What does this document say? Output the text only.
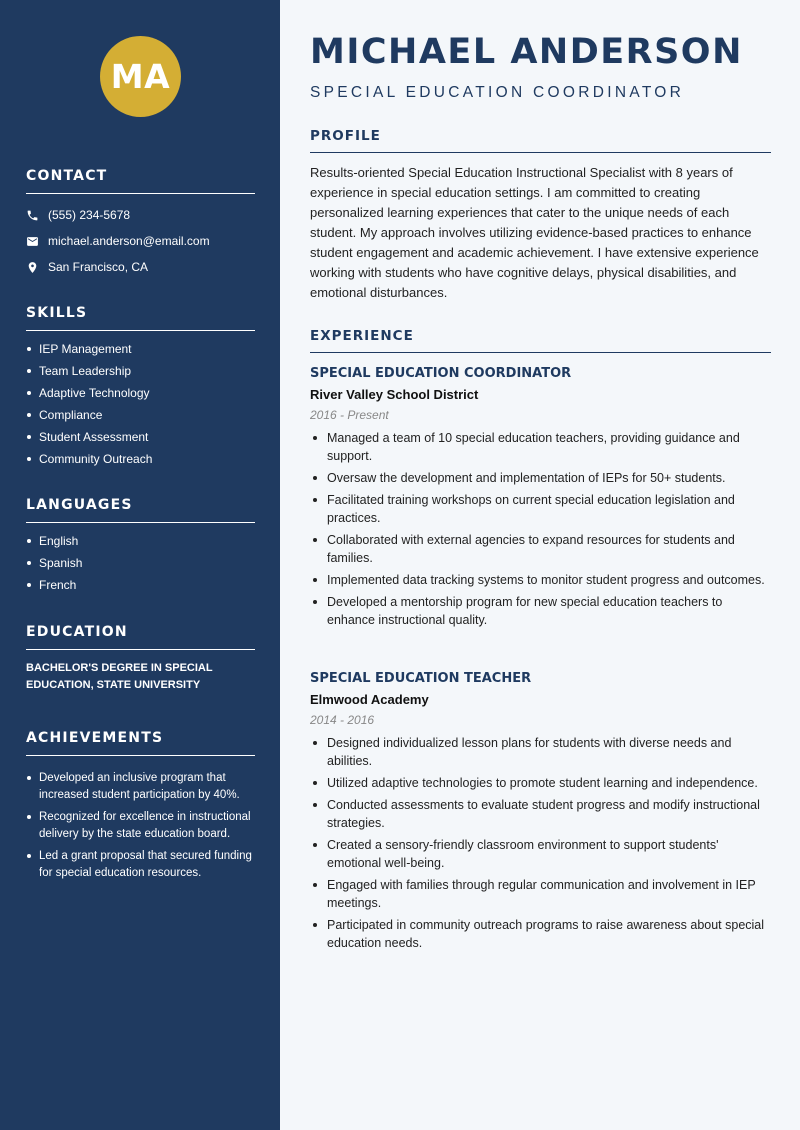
MA
CONTACT
(555) 234-5678
michael.anderson@email.com
San Francisco, CA
SKILLS
IEP Management
Team Leadership
Adaptive Technology
Compliance
Student Assessment
Community Outreach
LANGUAGES
English
Spanish
French
EDUCATION
BACHELOR'S DEGREE IN SPECIAL EDUCATION, STATE UNIVERSITY
ACHIEVEMENTS
Developed an inclusive program that increased student participation by 40%.
Recognized for excellence in instructional delivery by the state education board.
Led a grant proposal that secured funding for special education resources.
MICHAEL ANDERSON
SPECIAL EDUCATION COORDINATOR
PROFILE
Results-oriented Special Education Instructional Specialist with 8 years of experience in special education settings. I am committed to creating personalized learning experiences that cater to the unique needs of each student. My approach involves utilizing evidence-based practices to enhance student engagement and academic achievement. I have extensive experience working with students who have cognitive delays, physical disabilities, and emotional disturbances.
EXPERIENCE
SPECIAL EDUCATION COORDINATOR
River Valley School District
2016 - Present
Managed a team of 10 special education teachers, providing guidance and support.
Oversaw the development and implementation of IEPs for 50+ students.
Facilitated training workshops on current special education legislation and practices.
Collaborated with external agencies to expand resources for students and families.
Implemented data tracking systems to monitor student progress and outcomes.
Developed a mentorship program for new special education teachers to enhance instructional quality.
SPECIAL EDUCATION TEACHER
Elmwood Academy
2014 - 2016
Designed individualized lesson plans for students with diverse needs and abilities.
Utilized adaptive technologies to promote student learning and independence.
Conducted assessments to evaluate student progress and modify instructional strategies.
Created a sensory-friendly classroom environment to support students' emotional well-being.
Engaged with families through regular communication and involvement in IEP meetings.
Participated in community outreach programs to raise awareness about special education needs.
